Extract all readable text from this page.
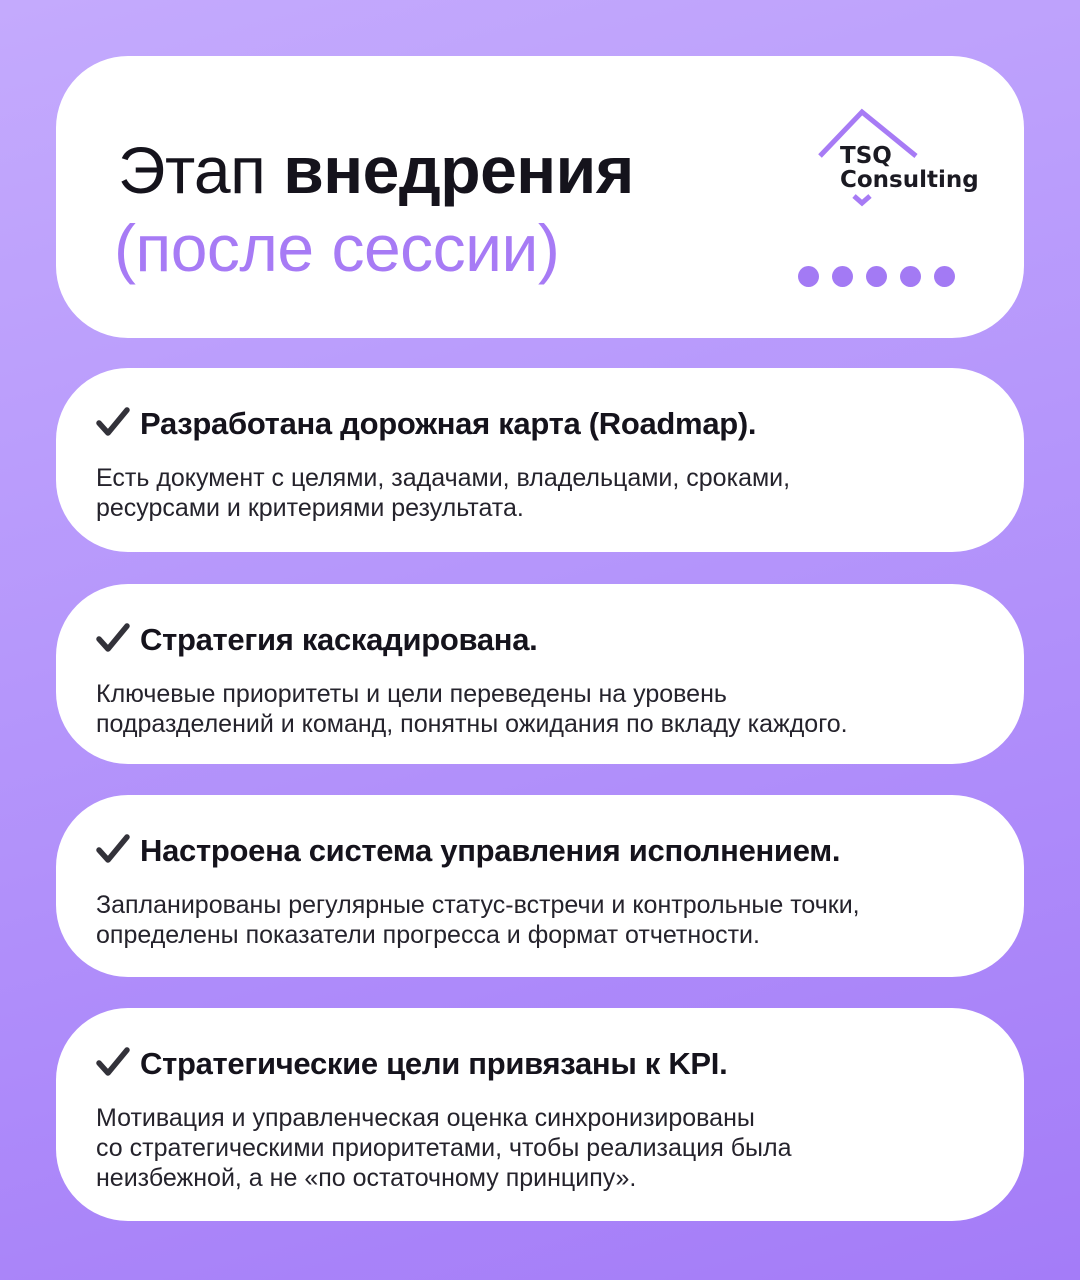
Этап внедрения
(после сессии)
TSQ
Consulting
Разработана дорожная карта (Roadmap).
Есть документ с целями, задачами, владельцами, сроками,
ресурсами и критериями результата.
Стратегия каскадирована.
Ключевые приоритеты и цели переведены на уровень
подразделений и команд, понятны ожидания по вкладу каждого.
Настроена система управления исполнением.
Запланированы регулярные статус-встречи и контрольные точки,
определены показатели прогресса и формат отчетности.
Стратегические цели привязаны к KPI.
Мотивация и управленческая оценка синхронизированы
со стратегическими приоритетами, чтобы реализация была
неизбежной, а не «по остаточному принципу».
